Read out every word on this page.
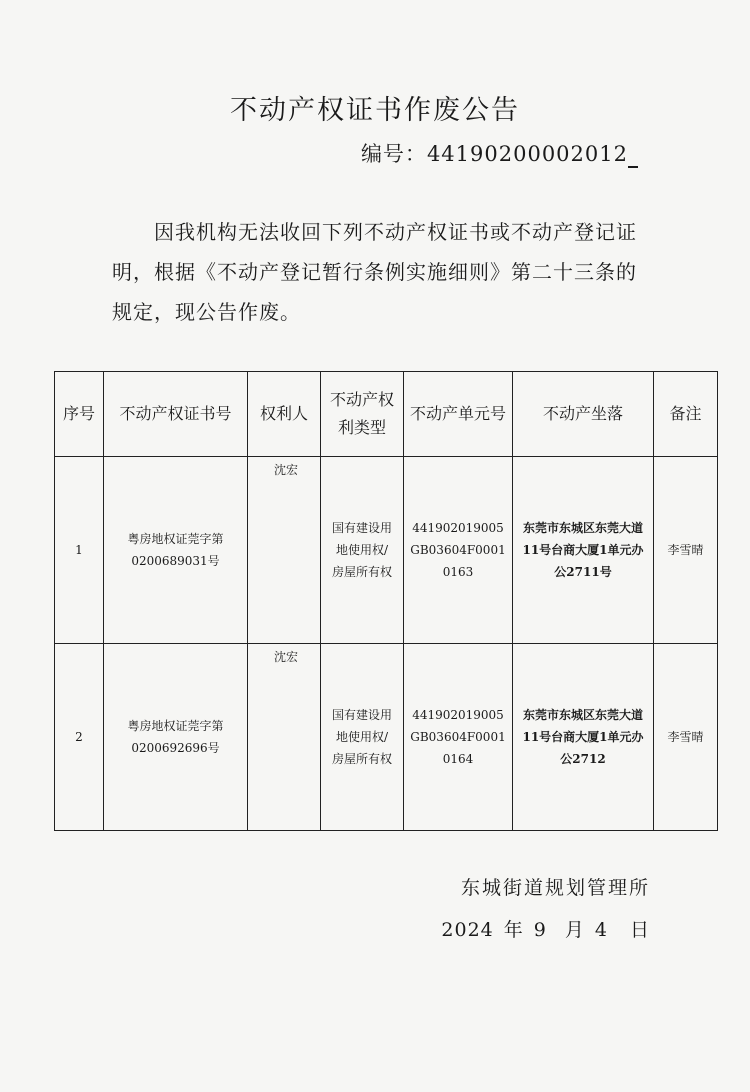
不动产权证书作废公告
编号：44190200002012
因我机构无法收回下列不动产权证书或不动产登记证明，根据《不动产登记暂行条例实施细则》第二十三条的规定，现公告作废。
序号	不动产权证书号	权利人	不动产权利类型	不动产单元号	不动产坐落	备注
1	粤房地权证莞字第0200689031号	沈宏	国有建设用地使用权/房屋所有权	441902019005GB03604F00010163	东莞市东城区东莞大道11号台商大厦1单元办公2711号	李雪晴
2	粤房地权证莞字第0200692696号	沈宏	国有建设用地使用权/房屋所有权	441902019005GB03604F00010164	东莞市东城区东莞大道11号台商大厦1单元办公2712	李雪晴
东城街道规划管理所
2024 年 9 月 4 日
